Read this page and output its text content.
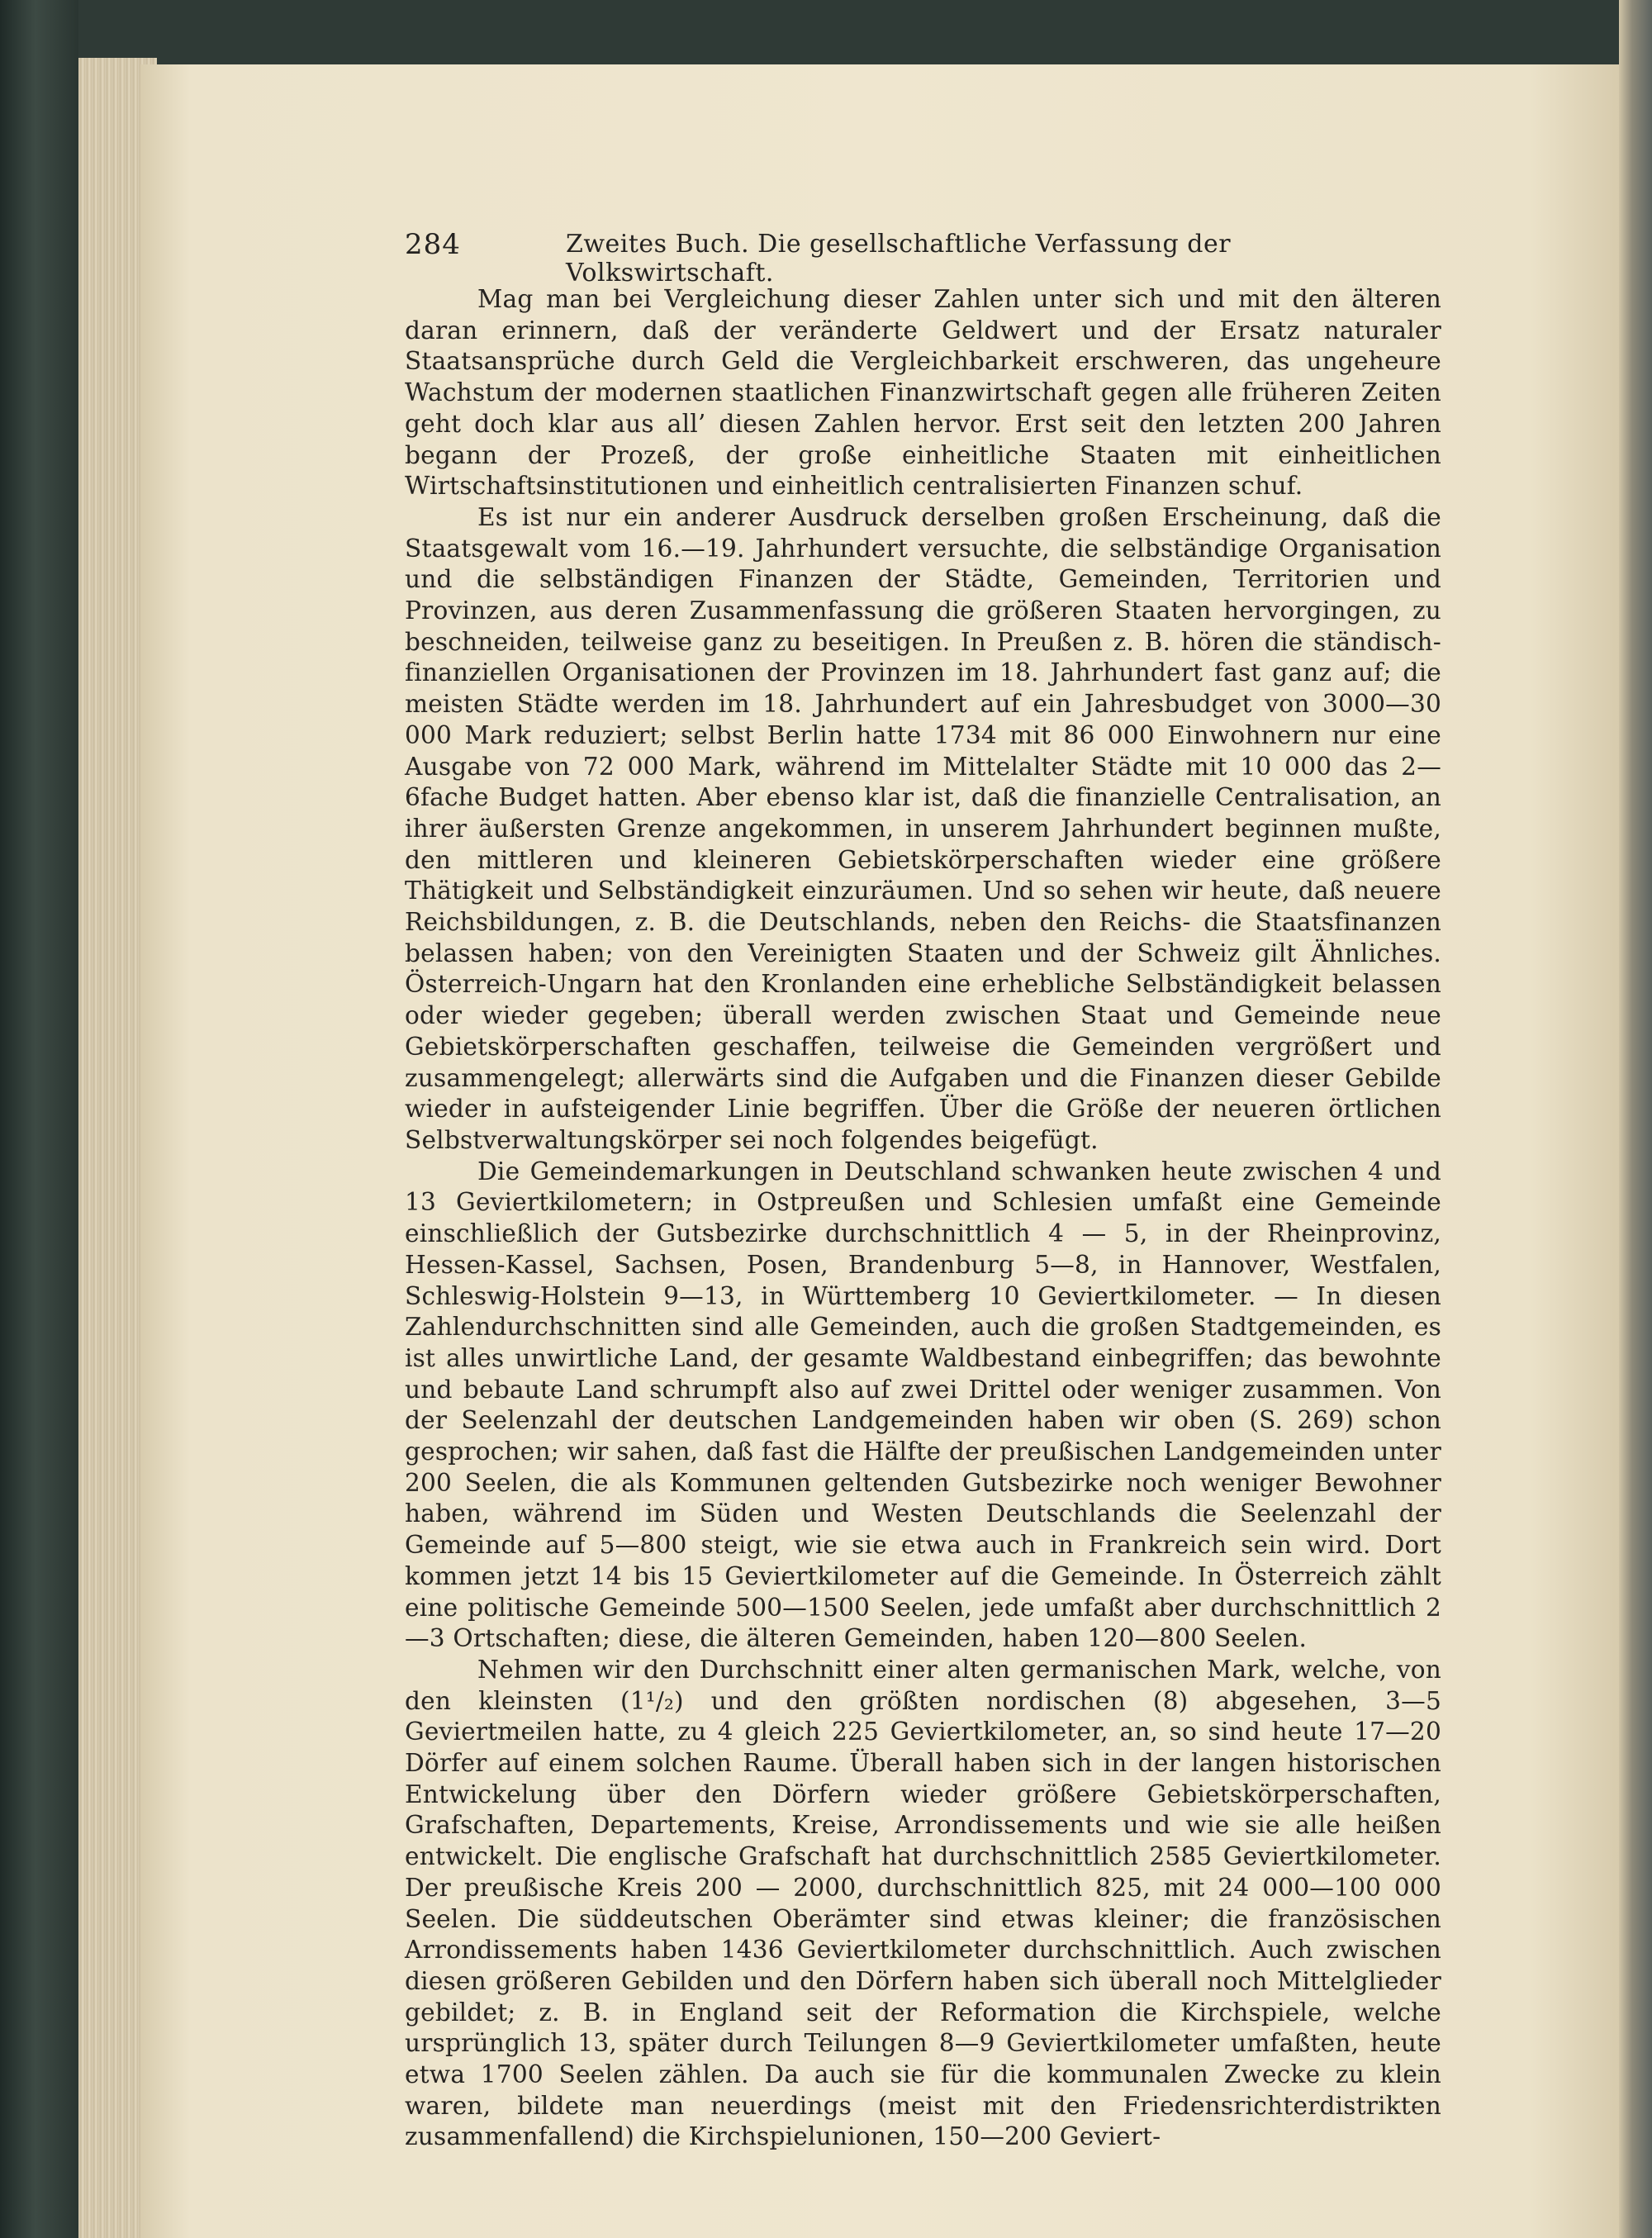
284	Zweites Buch. Die gesellschaftliche Verfassung der Volkswirtschaft.

Mag man bei Vergleichung dieser Zahlen unter sich und mit den älteren daran erinnern, daß der veränderte Geldwert und der Ersatz naturaler Staatsansprüche durch Geld die Vergleichbarkeit erschweren, das ungeheure Wachstum der modernen staatlichen Finanzwirtschaft gegen alle früheren Zeiten geht doch klar aus all’ diesen Zahlen hervor. Erst seit den letzten 200 Jahren begann der Prozeß, der große einheitliche Staaten mit einheitlichen Wirtschaftsinstitutionen und einheitlich centralisierten Finanzen schuf.

Es ist nur ein anderer Ausdruck derselben großen Erscheinung, daß die Staatsgewalt vom 16.—19. Jahrhundert versuchte, die selbständige Organisation und die selbständigen Finanzen der Städte, Gemeinden, Territorien und Provinzen, aus deren Zusammenfassung die größeren Staaten hervorgingen, zu beschneiden, teilweise ganz zu beseitigen. In Preußen z. B. hören die ständisch-finanziellen Organisationen der Provinzen im 18. Jahrhundert fast ganz auf; die meisten Städte werden im 18. Jahrhundert auf ein Jahresbudget von 3000—30 000 Mark reduziert; selbst Berlin hatte 1734 mit 86 000 Einwohnern nur eine Ausgabe von 72 000 Mark, während im Mittelalter Städte mit 10 000 das 2—6fache Budget hatten. Aber ebenso klar ist, daß die finanzielle Centralisation, an ihrer äußersten Grenze angekommen, in unserem Jahrhundert beginnen mußte, den mittleren und kleineren Gebietskörperschaften wieder eine größere Thätigkeit und Selbständigkeit einzuräumen. Und so sehen wir heute, daß neuere Reichsbildungen, z. B. die Deutschlands, neben den Reichs- die Staatsfinanzen belassen haben; von den Vereinigten Staaten und der Schweiz gilt Ähnliches. Österreich-Ungarn hat den Kronlanden eine erhebliche Selbständigkeit belassen oder wieder gegeben; überall werden zwischen Staat und Gemeinde neue Gebietskörperschaften geschaffen, teilweise die Gemeinden vergrößert und zusammengelegt; allerwärts sind die Aufgaben und die Finanzen dieser Gebilde wieder in aufsteigender Linie begriffen. Über die Größe der neueren örtlichen Selbstverwaltungskörper sei noch folgendes beigefügt.

Die Gemeindemarkungen in Deutschland schwanken heute zwischen 4 und 13 Geviertkilometern; in Ostpreußen und Schlesien umfaßt eine Gemeinde einschließlich der Gutsbezirke durchschnittlich 4 — 5, in der Rheinprovinz, Hessen-Kassel, Sachsen, Posen, Brandenburg 5—8, in Hannover, Westfalen, Schleswig-Holstein 9—13, in Württemberg 10 Geviertkilometer. — In diesen Zahlendurchschnitten sind alle Gemeinden, auch die großen Stadtgemeinden, es ist alles unwirtliche Land, der gesamte Waldbestand einbegriffen; das bewohnte und bebaute Land schrumpft also auf zwei Drittel oder weniger zusammen. Von der Seelenzahl der deutschen Landgemeinden haben wir oben (S. 269) schon gesprochen; wir sahen, daß fast die Hälfte der preußischen Landgemeinden unter 200 Seelen, die als Kommunen geltenden Gutsbezirke noch weniger Bewohner haben, während im Süden und Westen Deutschlands die Seelenzahl der Gemeinde auf 5—800 steigt, wie sie etwa auch in Frankreich sein wird. Dort kommen jetzt 14 bis 15 Geviertkilometer auf die Gemeinde. In Österreich zählt eine politische Gemeinde 500—1500 Seelen, jede umfaßt aber durchschnittlich 2—3 Ortschaften; diese, die älteren Gemeinden, haben 120—800 Seelen.

Nehmen wir den Durchschnitt einer alten germanischen Mark, welche, von den kleinsten (1¹/₂) und den größten nordischen (8) abgesehen, 3—5 Geviertmeilen hatte, zu 4 gleich 225 Geviertkilometer, an, so sind heute 17—20 Dörfer auf einem solchen Raume. Überall haben sich in der langen historischen Entwickelung über den Dörfern wieder größere Gebietskörperschaften, Grafschaften, Departements, Kreise, Arrondissements und wie sie alle heißen entwickelt. Die englische Grafschaft hat durchschnittlich 2585 Geviertkilometer. Der preußische Kreis 200 — 2000, durchschnittlich 825, mit 24 000—100 000 Seelen. Die süddeutschen Oberämter sind etwas kleiner; die französischen Arrondissements haben 1436 Geviertkilometer durchschnittlich. Auch zwischen diesen größeren Gebilden und den Dörfern haben sich überall noch Mittelglieder gebildet; z. B. in England seit der Reformation die Kirchspiele, welche ursprünglich 13, später durch Teilungen 8—9 Geviertkilometer umfaßten, heute etwa 1700 Seelen zählen. Da auch sie für die kommunalen Zwecke zu klein waren, bildete man neuerdings (meist mit den Friedensrichterdistrikten zusammenfallend) die Kirchspielunionen, 150—200 Geviert-
